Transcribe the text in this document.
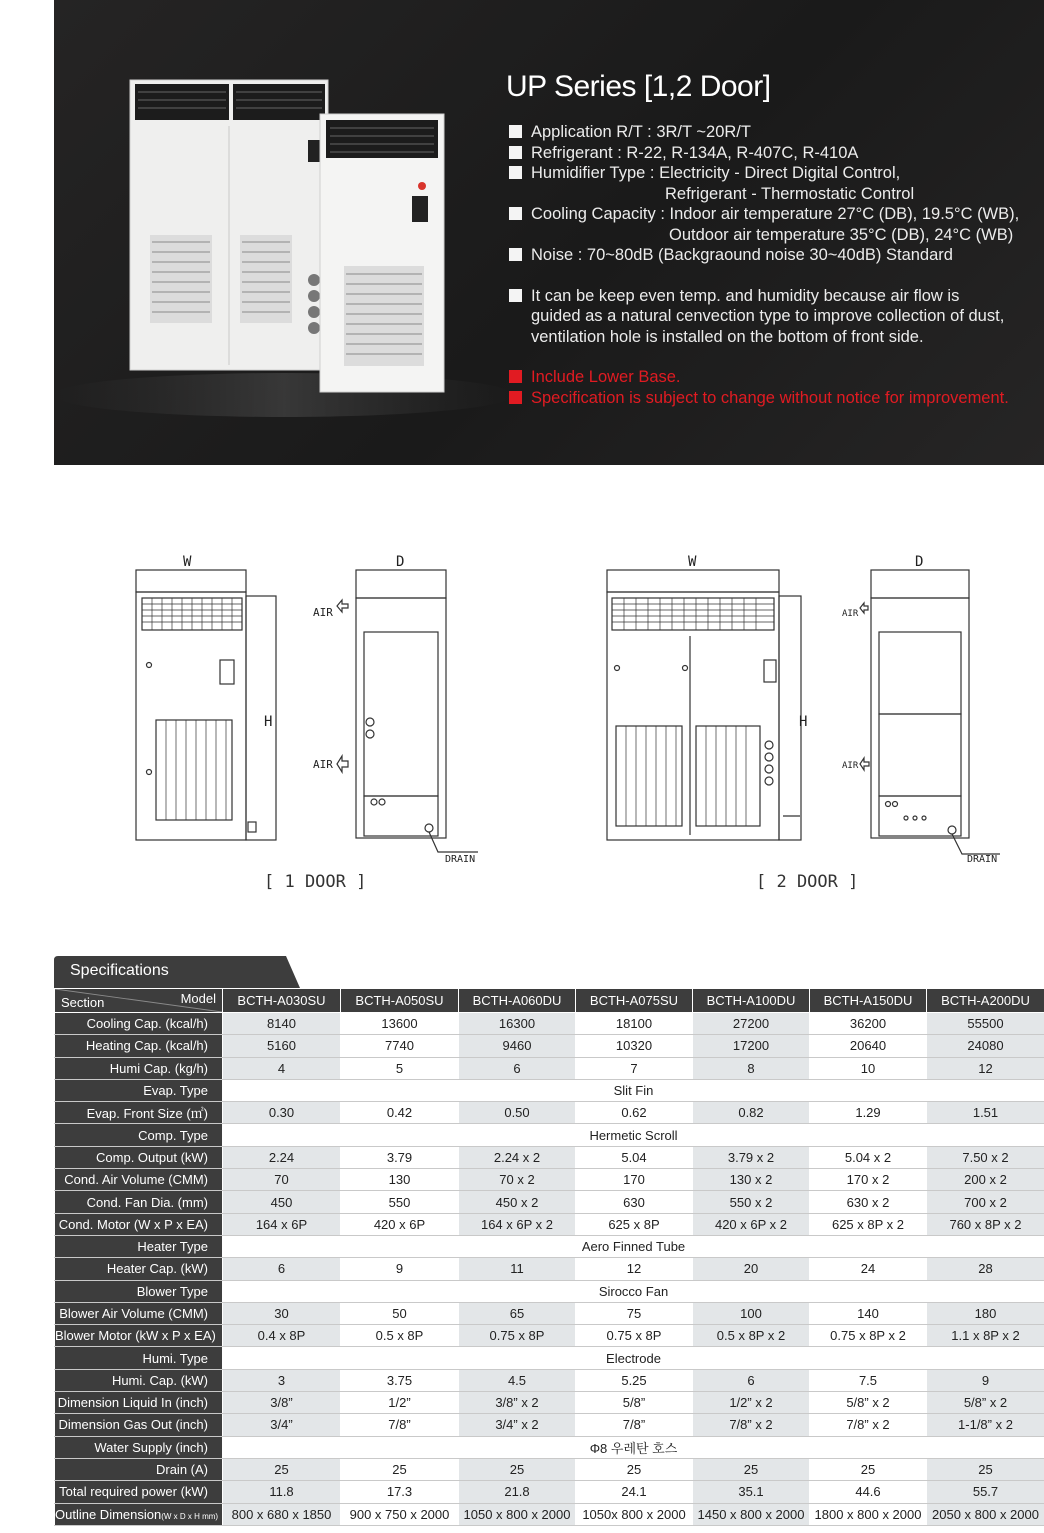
UP Series [1,2 Door]
Application R/T : 3R/T ~20R/T
Refrigerant : R-22, R-134A, R-407C, R-410A
Humidifier Type : Electricity - Direct Digital Control,
Refrigerant - Thermostatic Control
Cooling Capacity : Indoor air temperature 27°C (DB), 19.5°C (WB),
Outdoor air temperature 35°C (DB), 24°C (WB)
Noise : 70~80dB (Backgraound noise 30~40dB) Standard
It can be keep even temp. and humidity because air flow is
guided as a natural cenvection type to improve collection of dust,
ventilation hole is installed on the bottom of front side.
Include Lower Base.
Specification is subject to change without notice for improvement.
W	D
H
AIR
AIR
DRAIN
W	D
H
AIR
AIR
DRAIN
[ 1 DOOR ]	[ 2 DOOR ]
Specifications
Model
Section	BCTH-A030SU	BCTH-A050SU	BCTH-A060DU	BCTH-A075SU	BCTH-A100DU	BCTH-A150DU	BCTH-A200DU
Cooling Cap. (kcal/h)	8140	13600	16300	18100	27200	36200	55500
Heating Cap. (kcal/h)	5160	7740	9460	10320	17200	20640	24080
Humi Cap. (kg/h)	4	5	6	7	8	10	12
Evap. Type	Slit Fin						
Evap. Front Size (㎡)	0.30	0.42	0.50	0.62	0.82	1.29	1.51
Comp. Type	Hermetic Scroll						
Comp. Output (kW)	2.24	3.79	2.24 x 2	5.04	3.79 x 2	5.04 x 2	7.50 x 2
Cond. Air Volume (CMM)	70	130	70 x 2	170	130 x 2	170 x 2	200 x 2
Cond. Fan Dia. (mm)	450	550	450 x 2	630	550 x 2	630 x 2	700 x 2
Cond. Motor (W x P x EA)	164 x 6P	420 x 6P	164 x 6P x 2	625 x 8P	420 x 6P x 2	625 x 8P x 2	760 x 8P x 2
Heater Type	Aero Finned Tube						
Heater Cap. (kW)	6	9	11	12	20	24	28
Blower Type	Sirocco Fan						
Blower Air Volume (CMM)	30	50	65	75	100	140	180
Blower Motor (kW x P x EA)	0.4 x 8P	0.5 x 8P	0.75 x 8P	0.75 x 8P	0.5 x 8P x 2	0.75 x 8P x 2	1.1 x 8P x 2
Humi. Type	Electrode						
Humi. Cap. (kW)	3	3.75	4.5	5.25	6	7.5	9
Dimension Liquid In (inch)	3/8”	1/2”	3/8” x 2	5/8”	1/2” x 2	5/8” x 2	5/8” x 2
Dimension Gas Out (inch)	3/4”	7/8”	3/4” x 2	7/8”	7/8” x 2	7/8” x 2	1-1/8” x 2
Water Supply (inch)	Φ8 우레탄 호스						
Drain (A)	25	25	25	25	25	25	25
Total required power (kW)	11.8	17.3	21.8	24.1	35.1	44.6	55.7
Outline Dimension(W x D x H mm)	800 x 680 x 1850	900 x 750 x 2000	1050 x 800 x 2000	1050x 800 x 2000	1450 x 800 x 2000	1800 x 800 x 2000	2050 x 800 x 2000
